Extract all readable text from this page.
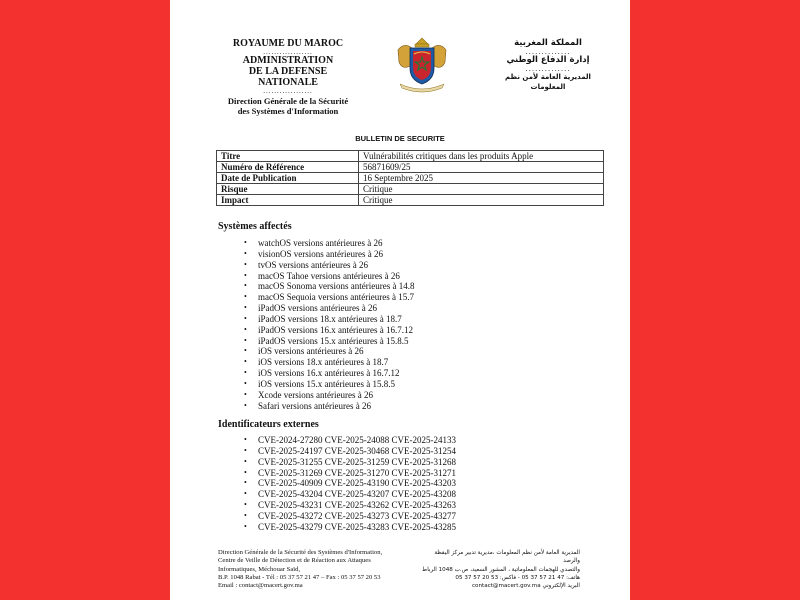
ROYAUME DU MAROC
..................
ADMINISTRATION
DE LA DEFENSE NATIONALE
..................
Direction Générale de la Sécurité
des Systèmes d'Information
المملكة المغربية
..............
إدارة الدفاع الوطني
..............
المديرية العامة لأمن نظم المعلومات
BULLETIN DE SECURITE
Titre	Vulnérabilités critiques dans les produits Apple
Numéro de Référence	56871609/25
Date de Publication	16 Septembre 2025
Risque	Critique
Impact	Critique
Systèmes affectés
• watchOS versions antérieures à 26
• visionOS versions antérieures à 26
• tvOS versions antérieures à 26
• macOS Tahoe versions antérieures à 26
• macOS Sonoma versions antérieures à 14.8
• macOS Sequoia versions antérieures à 15.7
• iPadOS versions antérieures à 26
• iPadOS versions 18.x antérieures à 18.7
• iPadOS versions 16.x antérieures à 16.7.12
• iPadOS versions 15.x antérieures à 15.8.5
• iOS versions antérieures à 26
• iOS versions 18.x antérieures à 18.7
• iOS versions 16.x antérieures à 16.7.12
• iOS versions 15.x antérieures à 15.8.5
• Xcode versions antérieures à 26
• Safari versions antérieures à 26
Identificateurs externes
• CVE-2024-27280 CVE-2025-24088 CVE-2025-24133
• CVE-2025-24197 CVE-2025-30468 CVE-2025-31254
• CVE-2025-31255 CVE-2025-31259 CVE-2025-31268
• CVE-2025-31269 CVE-2025-31270 CVE-2025-31271
• CVE-2025-40909 CVE-2025-43190 CVE-2025-43203
• CVE-2025-43204 CVE-2025-43207 CVE-2025-43208
• CVE-2025-43231 CVE-2025-43262 CVE-2025-43263
• CVE-2025-43272 CVE-2025-43273 CVE-2025-43277
• CVE-2025-43279 CVE-2025-43283 CVE-2025-43285
Direction Générale de la Sécurité des Systèmes d'Information,
Centre de Veille de Détection et de Réaction aux Attaques
Informatiques, Méchouar Saïd,
B.P. 1048 Rabat - Tél : 05 37 57 21 47 – Fax : 05 37 57 20 53
Email : contact@macert.gov.ma
المديرية العامة لأمن نظم المعلومات ،مديرية تدبير مركز اليقظة والرصد
والتصدي للهجمات المعلوماتية ، المشور السعيد، ص.ب 1048 الرباط
هاتف: 47 21 57 37 05 - فاكس: 53 20 57 37 05
البريد الإلكتروني contact@macert.gov.ma
